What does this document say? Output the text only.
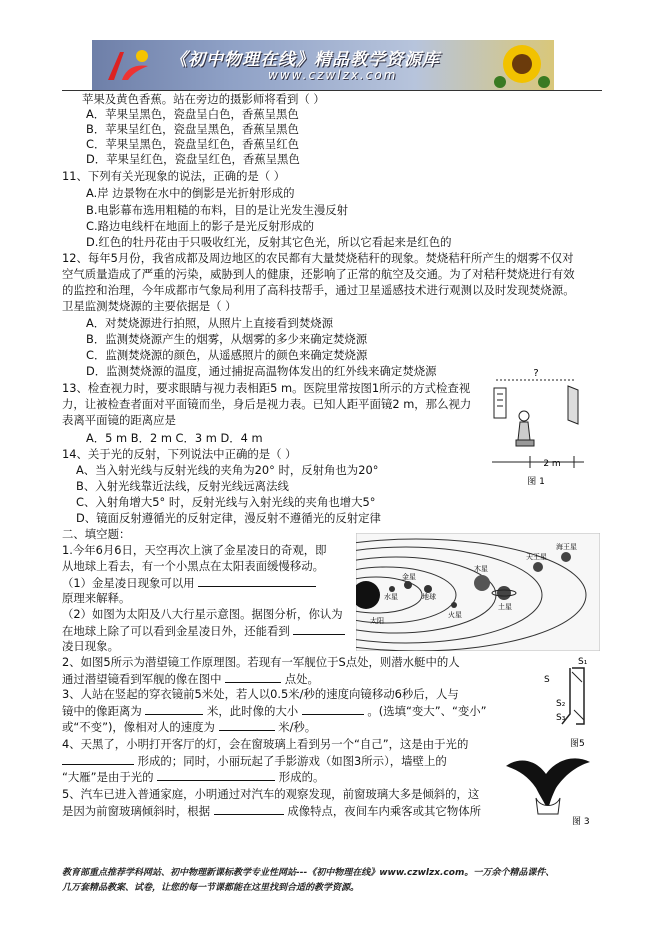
《初中物理在线》精品教学资源库
www.czwlzx.com
苹果及黄色香蕉。站在旁边的摄影师将看到（ ）
A．苹果呈黑色，瓷盘呈白色，香蕉呈黑色
B．苹果呈红色，瓷盘呈黑色，香蕉呈黑色
C．苹果呈黑色，瓷盘呈红色，香蕉呈红色
D．苹果呈红色，瓷盘呈红色，香蕉呈黑色
11、下列有关光现象的说法，正确的是（ ）
A.岸 边景物在水中的倒影是光折射形成的
B.电影幕布选用粗糙的布料，目的是让光发生漫反射
C.路边电线杆在地面上的影子是光反射形成的
D.红色的牡丹花由于只吸收红光，反射其它色光，所以它看起来是红色的
12、每年5月份，我省成都及周边地区的农民都有大量焚烧秸秆的现象。焚烧秸秆所产生的烟雾不仅对
空气质量造成了严重的污染，威胁到人的健康，还影响了正常的航空及交通。为了对秸秆焚烧进行有效
的监控和治理，今年成都市气象局利用了高科技帮手，通过卫星遥感技术进行观测以及时发现焚烧源。
卫星监测焚烧源的主要依据是（ ）
A．对焚烧源进行拍照，从照片上直接看到焚烧源
B．监测焚烧源产生的烟雾，从烟雾的多少来确定焚烧源
C．监测焚烧源的颜色，从遥感照片的颜色来确定焚烧源
D．监测焚烧源的温度，通过捕捉高温物体发出的红外线来确定焚烧源
13、检查视力时，要求眼睛与视力表相距5 m。医院里常按图1所示的方式检查视
力，让被检查者面对平面镜而坐，身后是视力表。已知人距平面镜2 m，那么视力
表离平面镜的距离应是
A．5 m B．2 m C．3 m D．4 m
14、关于光的反射，下列说法中正确的是（ ）
A、当入射光线与反射光线的夹角为20° 时，反射角也为20°
B、入射光线靠近法线，反射光线远离法线
C、入射角增大5° 时，反射光线与入射光线的夹角也增大5°
D、镜面反射遵循光的反射定律，漫反射不遵循光的反射定律
二、填空题：
1.今年6月6日，天空再次上演了金星凌日的奇观，即
从地球上看去，有一个小黑点在太阳表面缓慢移动。
（1）金星凌日现象可以用
原理来解释。
（2）如图为太阳及八大行星示意图。据图分析，你认为
在地球上除了可以看到金星凌日外，还能看到
凌日现象。
2、如图5所示为潜望镜工作原理图。若现有一军舰位于S点处，则潜水艇中的人
通过潜望镜看到军舰的像在图中	点处。
3、人站在竖起的穿衣镜前5米处，若人以0.5米/秒的速度向镜移动6秒后，人与
镜中的像距离为	米，此时像的大小	。(选填“变大”、“变小”
或“不变”)，像相对人的速度为	米/秒。
4、天黑了，小明打开客厅的灯，会在窗玻璃上看到另一个“自己”，这是由于光的
形成的；同时，小丽玩起了手影游戏（如图3所示），墙壁上的
“大雁”是由于光的	形成的。
5、汽车已进入普通家庭，小明通过对汽车的观察发现，前窗玻璃大多是倾斜的，这
是因为前窗玻璃倾斜时，根据	成像特点，夜间车内乘客或其它物体所
?
2 m
图 1
太阳
水星
金星
地球
火星
木星
土星
天王星
海王星
S₁
S
S₂
S₃
图5
图 3
教育部重点推荐学科网站、初中物理新课标教学专业性网站---《初中物理在线》www.czwlzx.com。一万余个精品课件、
几万套精品教案、试卷，让您的每一节课都能在这里找到合适的教学资源。
